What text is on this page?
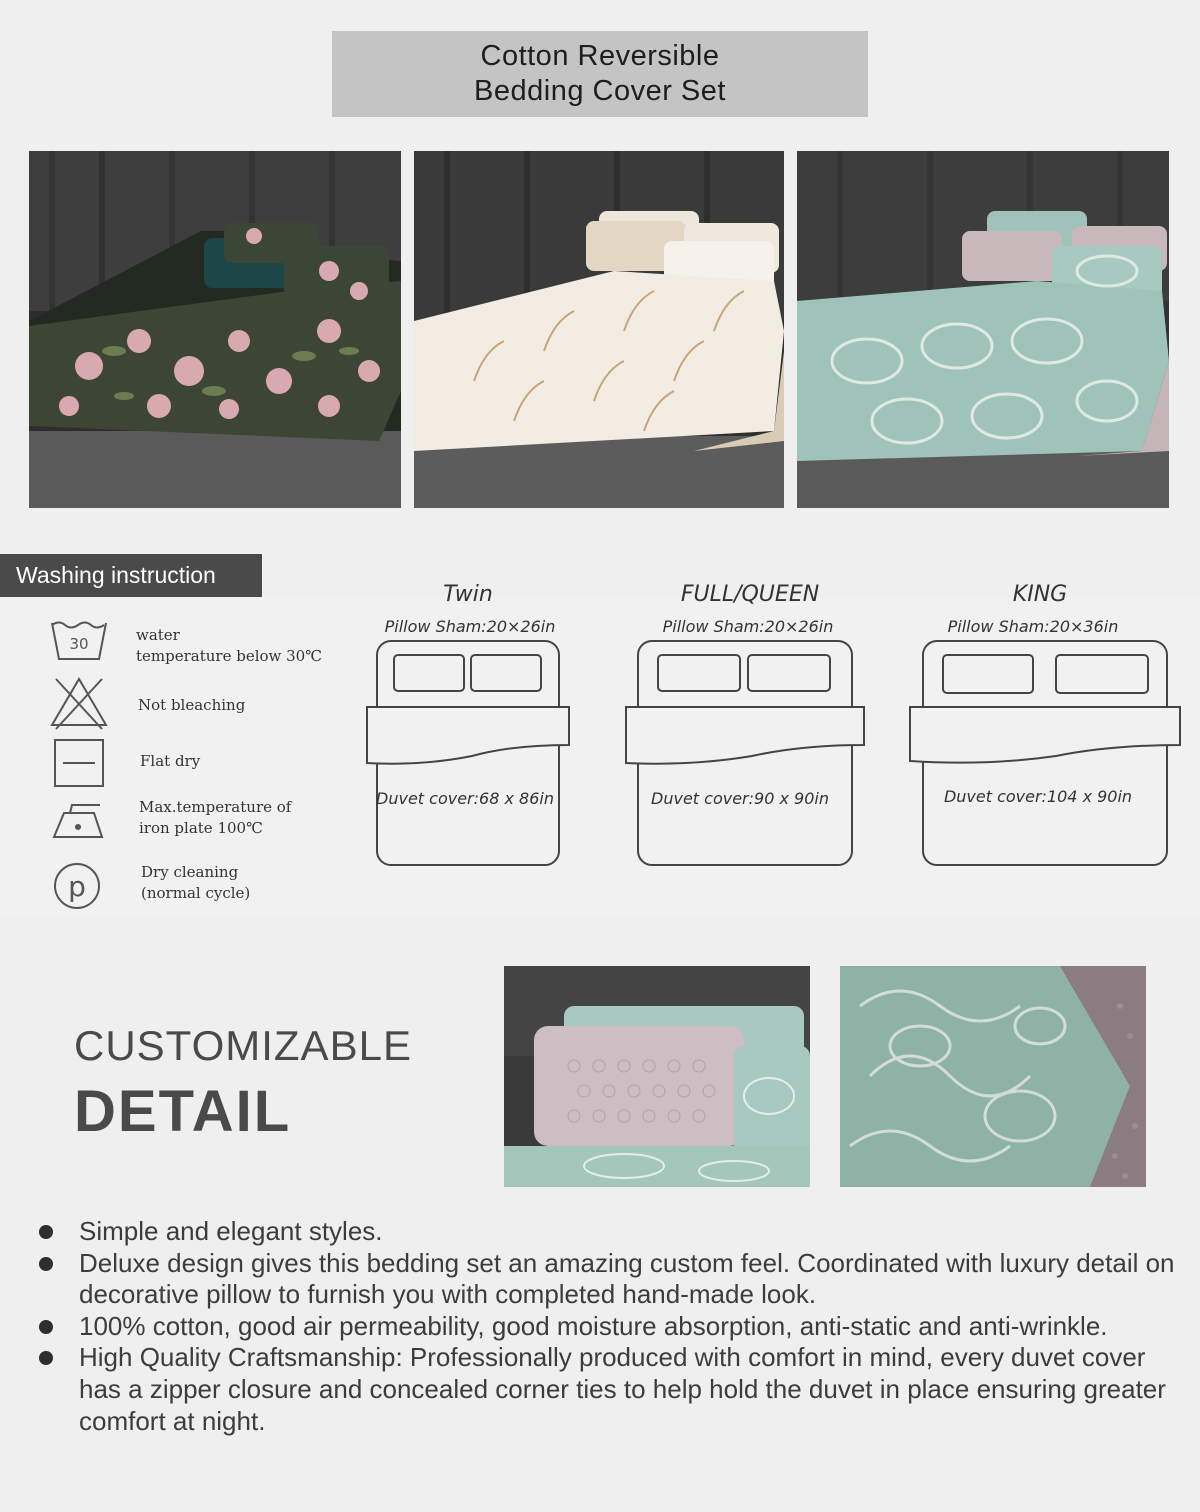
Cotton Reversible
Bedding Cover Set
Washing instruction
30	water
temperature below 30℃
Not bleaching
Flat dry
Max.temperature of
iron plate 100℃
p	Dry cleaning
(normal cycle)
Twin
Pillow Sham:20×26in
Duvet cover:68 x 86in
FULL/QUEEN
Pillow Sham:20×26in
Duvet cover:90 x 90in
KING
Pillow Sham:20×36in
Duvet cover:104 x 90in
CUSTOMIZABLE
DETAIL
Simple and elegant styles.
Deluxe design gives this bedding set an amazing custom feel. Coordinated with luxury detail on decorative pillow to furnish you with completed hand-made look.
100% cotton, good air permeability, good moisture absorption, anti-static and anti-wrinkle.
High Quality Craftsmanship: Professionally produced with comfort in mind, every duvet cover has a zipper closure and concealed corner ties to help hold the duvet in place ensuring greater comfort at night.
